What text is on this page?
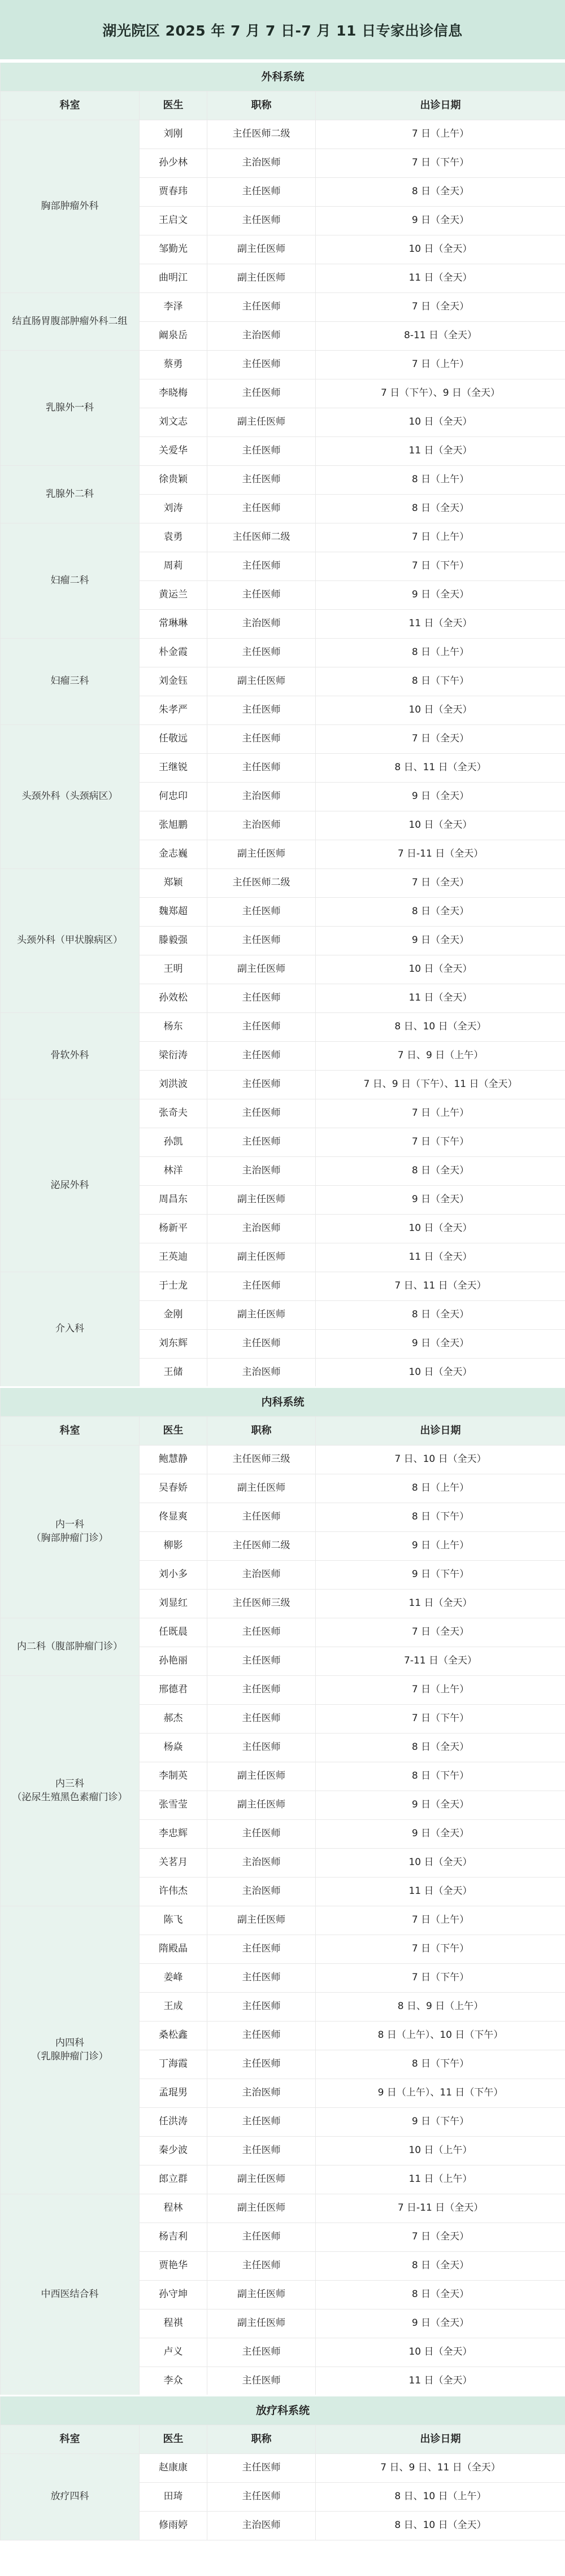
湖光院区 2025 年 7 月 7 日-7 月 11 日专家出诊信息
外科系统			
科室	医生	职称	出诊日期
胸部肿瘤外科	刘刚	主任医师二级	7 日（上午）
	孙少林	主治医师	7 日（下午）
	贾春玮	主任医师	8 日（全天）
	王启文	主任医师	9 日（全天）
	邹勤光	副主任医师	10 日（全天）
	曲明江	副主任医师	11 日（全天）
结直肠胃腹部肿瘤外科二组	李泽	主任医师	7 日（全天）
	阚泉岳	主治医师	8-11 日（全天）
乳腺外一科	蔡勇	主任医师	7 日（上午）
	李晓梅	主任医师	7 日（下午）、9 日（全天）
	刘文志	副主任医师	10 日（全天）
	关爱华	主任医师	11 日（全天）
乳腺外二科	徐贵颖	主任医师	8 日（上午）
	刘涛	主任医师	8 日（全天）
妇瘤二科	袁勇	主任医师二级	7 日（上午）
	周莉	主任医师	7 日（下午）
	黄运兰	主任医师	9 日（全天）
	常琳琳	主治医师	11 日（全天）
妇瘤三科	朴金霞	主任医师	8 日（上午）
	刘金钰	副主任医师	8 日（下午）
	朱孝严	主任医师	10 日（全天）
头颈外科（头颈病区）	任敬远	主任医师	7 日（全天）
	王继锐	主任医师	8 日、11 日（全天）
	何忠印	主治医师	9 日（全天）
	张旭鹏	主治医师	10 日（全天）
	金志巍	副主任医师	7 日-11 日（全天）
头颈外科（甲状腺病区）	郑颖	主任医师二级	7 日（全天）
	魏郑超	主任医师	8 日（全天）
	滕毅强	主任医师	9 日（全天）
	王明	副主任医师	10 日（全天）
	孙效松	主任医师	11 日（全天）
骨软外科	杨东	主任医师	8 日、10 日（全天）
	梁衍涛	主任医师	7 日、9 日（上午）
	刘洪波	主任医师	7 日、9 日（下午）、11 日（全天）
泌尿外科	张奇夫	主任医师	7 日（上午）
	孙凯	主任医师	7 日（下午）
	林洋	主治医师	8 日（全天）
	周昌东	副主任医师	9 日（全天）
	杨新平	主治医师	10 日（全天）
	王英迪	副主任医师	11 日（全天）
介入科	于士龙	主任医师	7 日、11 日（全天）
	金刚	副主任医师	8 日（全天）
	刘东辉	主任医师	9 日（全天）
	王储	主治医师	10 日（全天）
内科系统			
科室	医生	职称	出诊日期
内一科
（胸部肿瘤门诊）	鲍慧静	主任医师三级	7 日、10 日（全天）
	吴春娇	副主任医师	8 日（上午）
	佟显爽	主任医师	8 日（下午）
	柳影	主任医师二级	9 日（上午）
	刘小多	主治医师	9 日（下午）
	刘显红	主任医师三级	11 日（全天）
内二科（腹部肿瘤门诊）	任既晨	主任医师	7 日（全天）
	孙艳丽	主任医师	7-11 日（全天）
内三科
（泌尿生殖黑色素瘤门诊）	邢德君	主任医师	7 日（上午）
	郝杰	主任医师	7 日（下午）
	杨焱	主任医师	8 日（全天）
	李制英	副主任医师	8 日（下午）
	张雪莹	副主任医师	9 日（全天）
	李忠辉	主任医师	9 日（全天）
	关茗月	主治医师	10 日（全天）
	许伟杰	主治医师	11 日（全天）
内四科
（乳腺肿瘤门诊）	陈飞	副主任医师	7 日（上午）
	隋殿晶	主任医师	7 日（下午）
	姜峰	主任医师	7 日（下午）
	王成	主任医师	8 日、9 日（上午）
	桑松鑫	主任医师	8 日（上午）、10 日（下午）
	丁海霞	主任医师	8 日（下午）
	孟琨男	主治医师	9 日（上午）、11 日（下午）
	任洪涛	主任医师	9 日（下午）
	秦少波	主任医师	10 日（上午）
	郎立群	副主任医师	11 日（上午）
中西医结合科	程林	副主任医师	7 日-11 日（全天）
	杨吉利	主任医师	7 日（全天）
	贾艳华	主任医师	8 日（全天）
	孙守坤	副主任医师	8 日（全天）
	程祺	副主任医师	9 日（全天）
	卢义	主任医师	10 日（全天）
	李众	主任医师	11 日（全天）
放疗科系统			
科室	医生	职称	出诊日期
放疗四科	赵康康	主任医师	7 日、9 日、11 日（全天）
	田琦	主任医师	8 日、10 日（上午）
	修雨婷	主治医师	8 日、10 日（全天）
